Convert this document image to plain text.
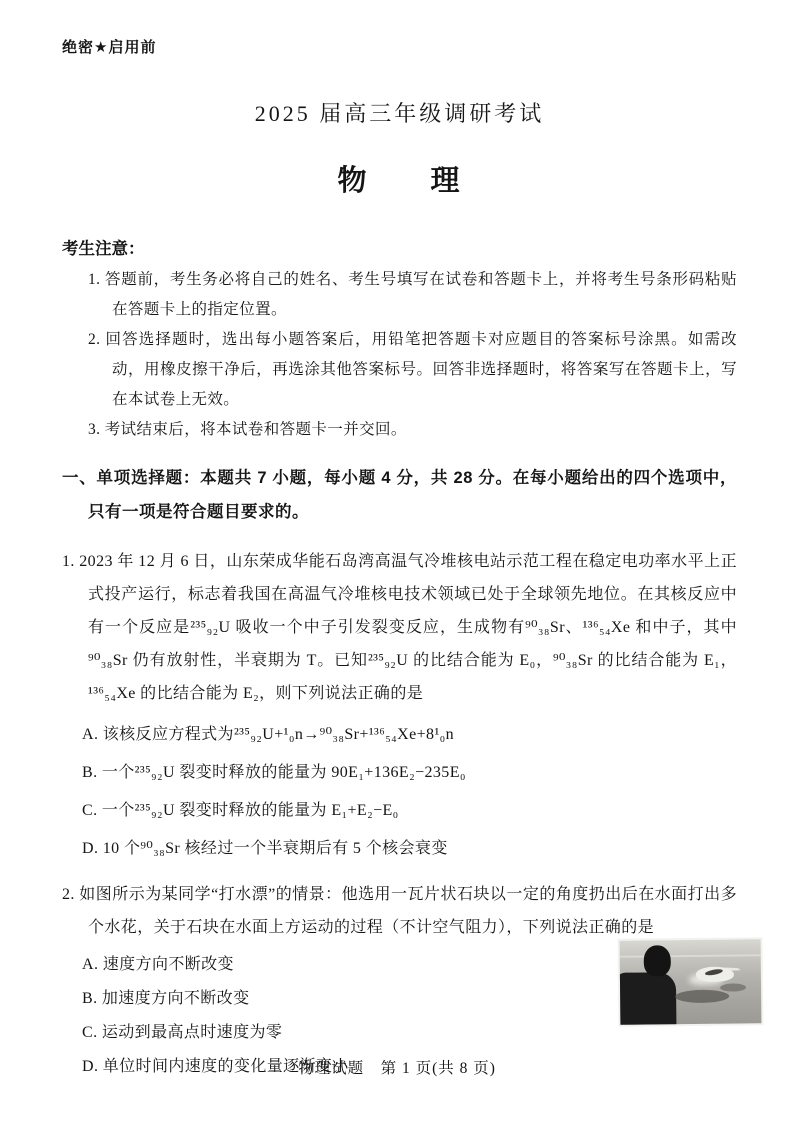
绝密★启用前
2025 届高三年级调研考试
物　　理
考生注意：
1. 答题前，考生务必将自己的姓名、考生号填写在试卷和答题卡上，并将考生号条形码粘贴在答题卡上的指定位置。
2. 回答选择题时，选出每小题答案后，用铅笔把答题卡对应题目的答案标号涂黑。如需改动，用橡皮擦干净后，再选涂其他答案标号。回答非选择题时，将答案写在答题卡上，写在本试卷上无效。
3. 考试结束后，将本试卷和答题卡一并交回。
一、单项选择题：本题共 7 小题，每小题 4 分，共 28 分。在每小题给出的四个选项中，只有一项是符合题目要求的。
1. 2023 年 12 月 6 日，山东荣成华能石岛湾高温气冷堆核电站示范工程在稳定电功率水平上正式投产运行，标志着我国在高温气冷堆核电技术领域已处于全球领先地位。在其核反应中有一个反应是²³⁵₉₂U 吸收一个中子引发裂变反应，生成物有⁹⁰₃₈Sr、¹³⁶₅₄Xe 和中子，其中⁹⁰₃₈Sr 仍有放射性，半衰期为 T。已知²³⁵₉₂U 的比结合能为 E₀，⁹⁰₃₈Sr 的比结合能为 E₁，¹³⁶₅₄Xe 的比结合能为 E₂，则下列说法正确的是
A. 该核反应方程式为²³⁵₉₂U+¹₀n→⁹⁰₃₈Sr+¹³⁶₅₄Xe+8¹₀n
B. 一个²³⁵₉₂U 裂变时释放的能量为 90E₁+136E₂−235E₀
C. 一个²³⁵₉₂U 裂变时释放的能量为 E₁+E₂−E₀
D. 10 个⁹⁰₃₈Sr 核经过一个半衰期后有 5 个核会衰变
2. 如图所示为某同学“打水漂”的情景：他选用一瓦片状石块以一定的角度扔出后在水面打出多个水花，关于石块在水面上方运动的过程（不计空气阻力），下列说法正确的是
A. 速度方向不断改变
B. 加速度方向不断改变
C. 运动到最高点时速度为零
D. 单位时间内速度的变化量逐渐变小
物理试题　第 1 页(共 8 页)
